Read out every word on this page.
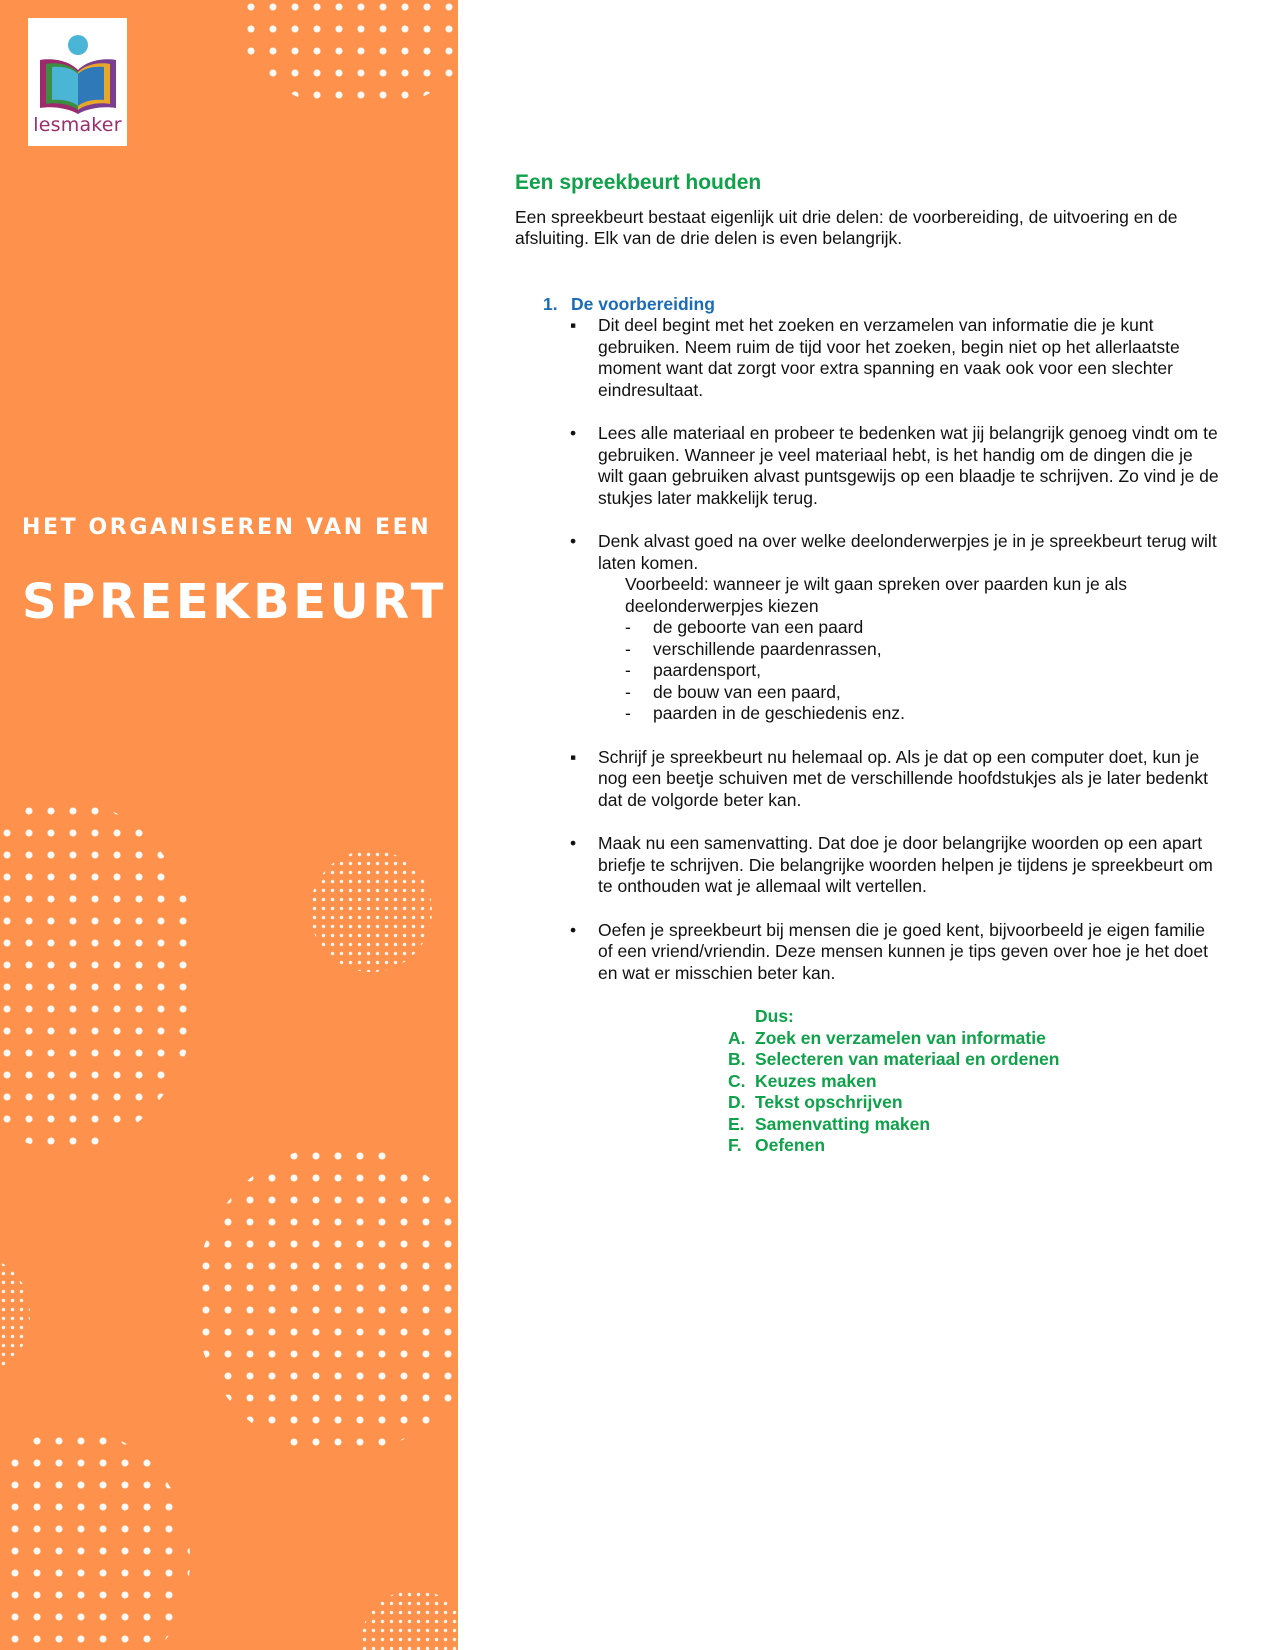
lesmaker
HET ORGANISEREN VAN EEN
SPREEKBEURT
Een spreekbeurt houden

Een spreekbeurt bestaat eigenlijk uit drie delen: de voorbereiding, de uitvoering en de afsluiting. Elk van de drie delen is even belangrijk.

1. De voorbereiding
▪ Dit deel begint met het zoeken en verzamelen van informatie die je kunt gebruiken. Neem ruim de tijd voor het zoeken, begin niet op het allerlaatste moment want dat zorgt voor extra spanning en vaak ook voor een slechter eindresultaat.
• Lees alle materiaal en probeer te bedenken wat jij belangrijk genoeg vindt om te gebruiken. Wanneer je veel materiaal hebt, is het handig om de dingen die je wilt gaan gebruiken alvast puntsgewijs op een blaadje te schrijven. Zo vind je de stukjes later makkelijk terug.
• Denk alvast goed na over welke deelonderwerpjes je in je spreekbeurt terug wilt laten komen.
Voorbeeld: wanneer je wilt gaan spreken over paarden kun je als deelonderwerpjes kiezen
- de geboorte van een paard
- verschillende paardenrassen,
- paardensport,
- de bouw van een paard,
- paarden in de geschiedenis enz.
▪ Schrijf je spreekbeurt nu helemaal op. Als je dat op een computer doet, kun je nog een beetje schuiven met de verschillende hoofdstukjes als je later bedenkt dat de volgorde beter kan.
• Maak nu een samenvatting. Dat doe je door belangrijke woorden op een apart briefje te schrijven. Die belangrijke woorden helpen je tijdens je spreekbeurt om te onthouden wat je allemaal wilt vertellen.
• Oefen je spreekbeurt bij mensen die je goed kent, bijvoorbeeld je eigen familie of een vriend/vriendin. Deze mensen kunnen je tips geven over hoe je het doet en wat er misschien beter kan.
Dus:
A. Zoek en verzamelen van informatie
B. Selecteren van materiaal en ordenen
C. Keuzes maken
D. Tekst opschrijven
E. Samenvatting maken
F. Oefenen
